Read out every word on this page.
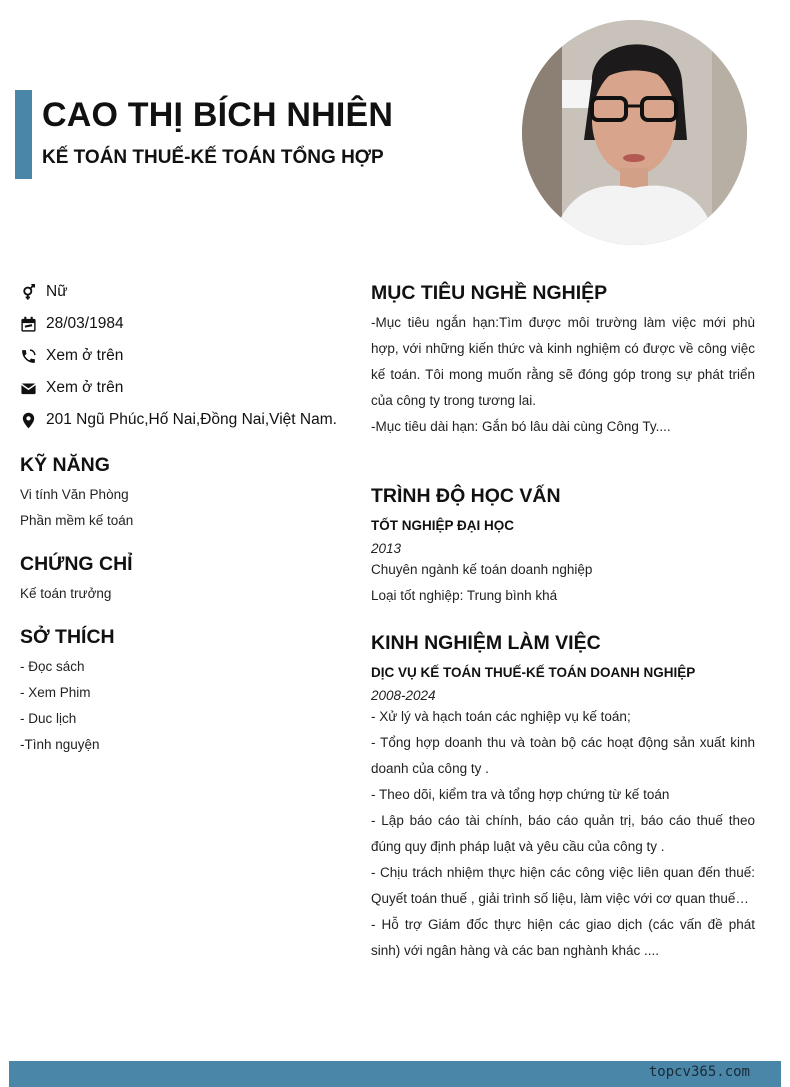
CAO THỊ BÍCH NHIÊN
KẾ TOÁN THUẾ-KẾ TOÁN TỔNG HỢP
Nữ
28/03/1984
Xem ở trên
Xem ở trên
201 Ngũ Phúc,Hố Nai,Đồng Nai,Việt Nam.
KỸ NĂNG
Vi tính Văn Phòng
Phần mềm kế toán
CHỨNG CHỈ
Kế toán trưởng
SỞ THÍCH
- Đọc sách
- Xem Phim
- Duc lịch
-Tình nguyện
MỤC TIÊU NGHỀ NGHIỆP
-Mục tiêu ngắn hạn:Tìm được môi trường làm việc mới phù hợp, với những kiến thức và kinh nghiệm có được về công việc kế toán. Tôi mong muốn rằng sẽ đóng góp trong sự phát triển của công ty trong tương lai.
-Mục tiêu dài hạn: Gắn bó lâu dài cùng Công Ty....
TRÌNH ĐỘ HỌC VẤN
TỐT NGHIỆP ĐẠI HỌC
2013
Chuyên ngành kế toán doanh nghiệp
Loại tốt nghiệp: Trung bình khá
KINH NGHIỆM LÀM VIỆC
DỊC VỤ KẾ TOÁN THUẾ-KẾ TOÁN DOANH NGHIỆP
2008-2024
- Xử lý và hạch toán các nghiệp vụ kế toán;
- Tổng hợp doanh thu và toàn bộ các hoạt động sản xuất kinh doanh của công ty .
- Theo dõi, kiểm tra và tổng hợp chứng từ kế toán
- Lập báo cáo tài chính, báo cáo quản trị, báo cáo thuế theo đúng quy định pháp luật và yêu cầu của công ty .
- Chịu trách nhiệm thực hiện các công việc liên quan đến thuế: Quyết toán thuế , giải trình số liệu, làm việc với cơ quan thuế…
- Hỗ trợ Giám đốc thực hiện các giao dịch (các vấn đề phát sinh) với ngân hàng và các ban nghành khác ....
topcv365.com
